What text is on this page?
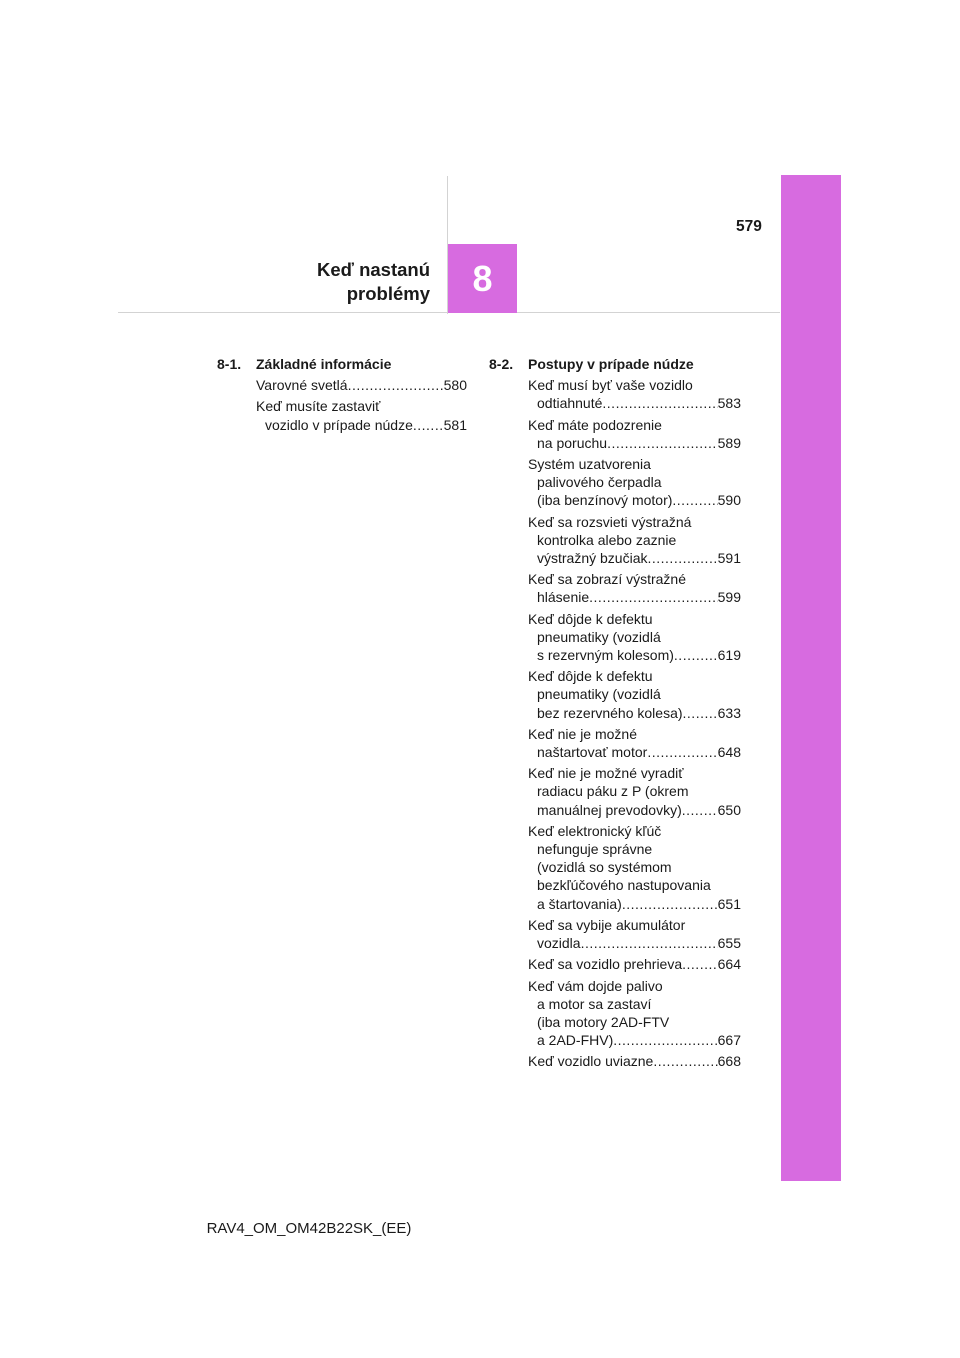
579
Keď nastanú
problémy	8
8-1.	Základné informácie
Varovné svetlá .....	580
Keď musíte zastaviť
vozidlo v prípade núdze ..... 581
8-2.	Postupy v prípade núdze
Keď musí byť vaše vozidlo
odtiahnuté .....	583
Keď máte podozrenie
na poruchu .....	589
Systém uzatvorenia
palivového čerpadla
(iba benzínový motor) .....	590
Keď sa rozsvieti výstražná
kontrolka alebo zaznie
výstražný bzučiak .....	591
Keď sa zobrazí výstražné
hlásenie .....	599
Keď dôjde k defektu
pneumatiky (vozidlá
s rezervným kolesom) .....	619
Keď dôjde k defektu
pneumatiky (vozidlá
bez rezervného kolesa) .....	633
Keď nie je možné
naštartovať motor .....	648
Keď nie je možné vyradiť
radiacu páku z P (okrem
manuálnej prevodovky) .....	650
Keď elektronický kľúč
nefunguje správne
(vozidlá so systémom
bezkľúčového nastupovania
a štartovania) .....	651
Keď sa vybije akumulátor
vozidla .....	655
Keď sa vozidlo prehrieva .....	664
Keď vám dojde palivo
a motor sa zastaví
(iba motory 2AD-FTV
a 2AD-FHV) .....	667
Keď vozidlo uviazne .....	668
RAV4_OM_OM42B22SK_(EE)
